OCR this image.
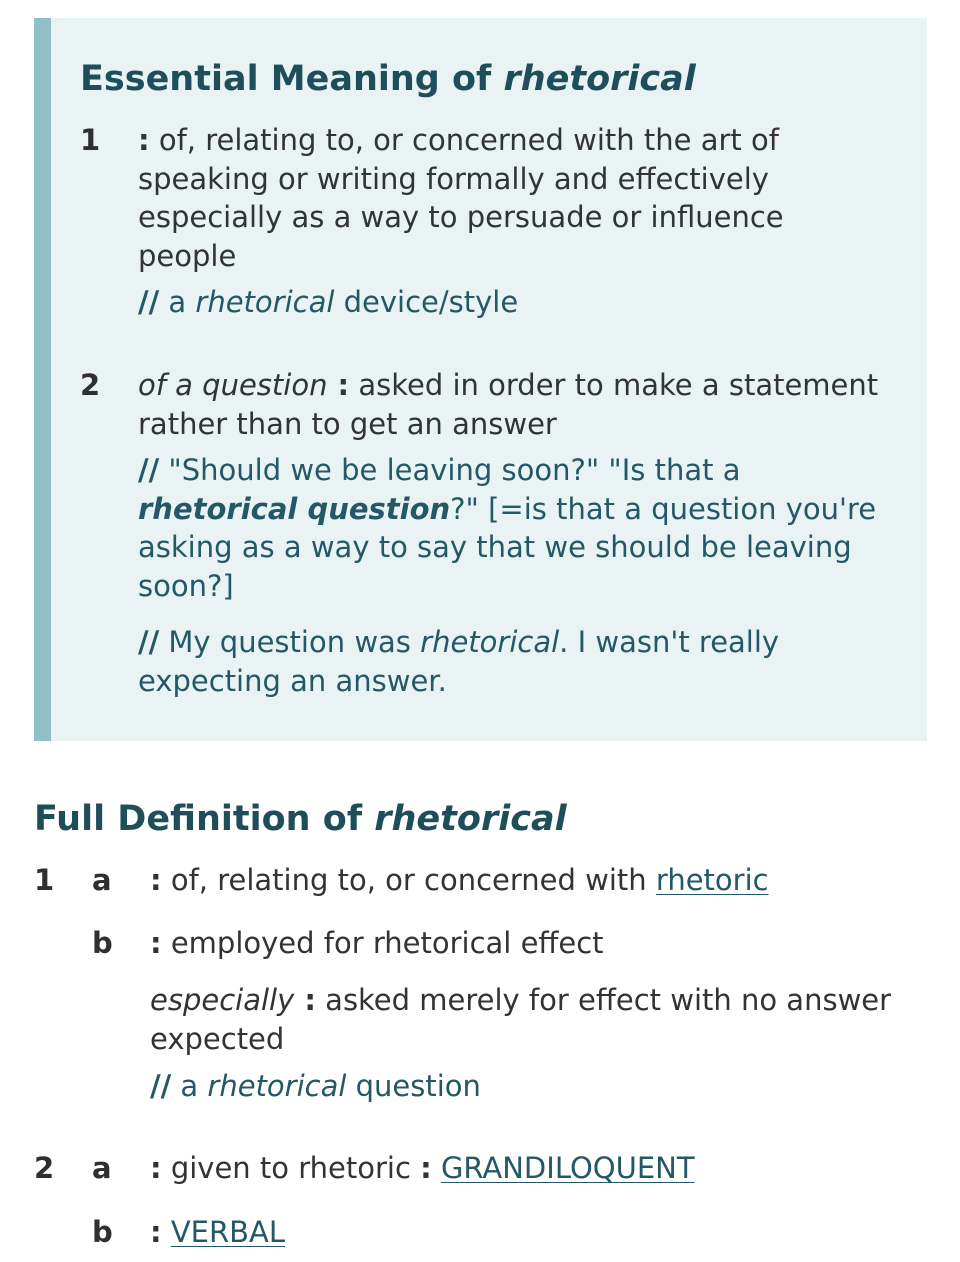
Essential Meaning of rhetorical
1 : of, relating to, or concerned with the art of speaking or writing formally and effectively especially as a way to persuade or influence people
// a rhetorical device/style
2 of a question : asked in order to make a statement rather than to get an answer
// "Should we be leaving soon?" "Is that a rhetorical question?" [=is that a question you're asking as a way to say that we should be leaving soon?]
// My question was rhetorical. I wasn't really expecting an answer.
Full Definition of rhetorical
1 a : of, relating to, or concerned with rhetoric
b : employed for rhetorical effect
especially : asked merely for effect with no answer expected
// a rhetorical question
2 a : given to rhetoric : GRANDILOQUENT
b : VERBAL
